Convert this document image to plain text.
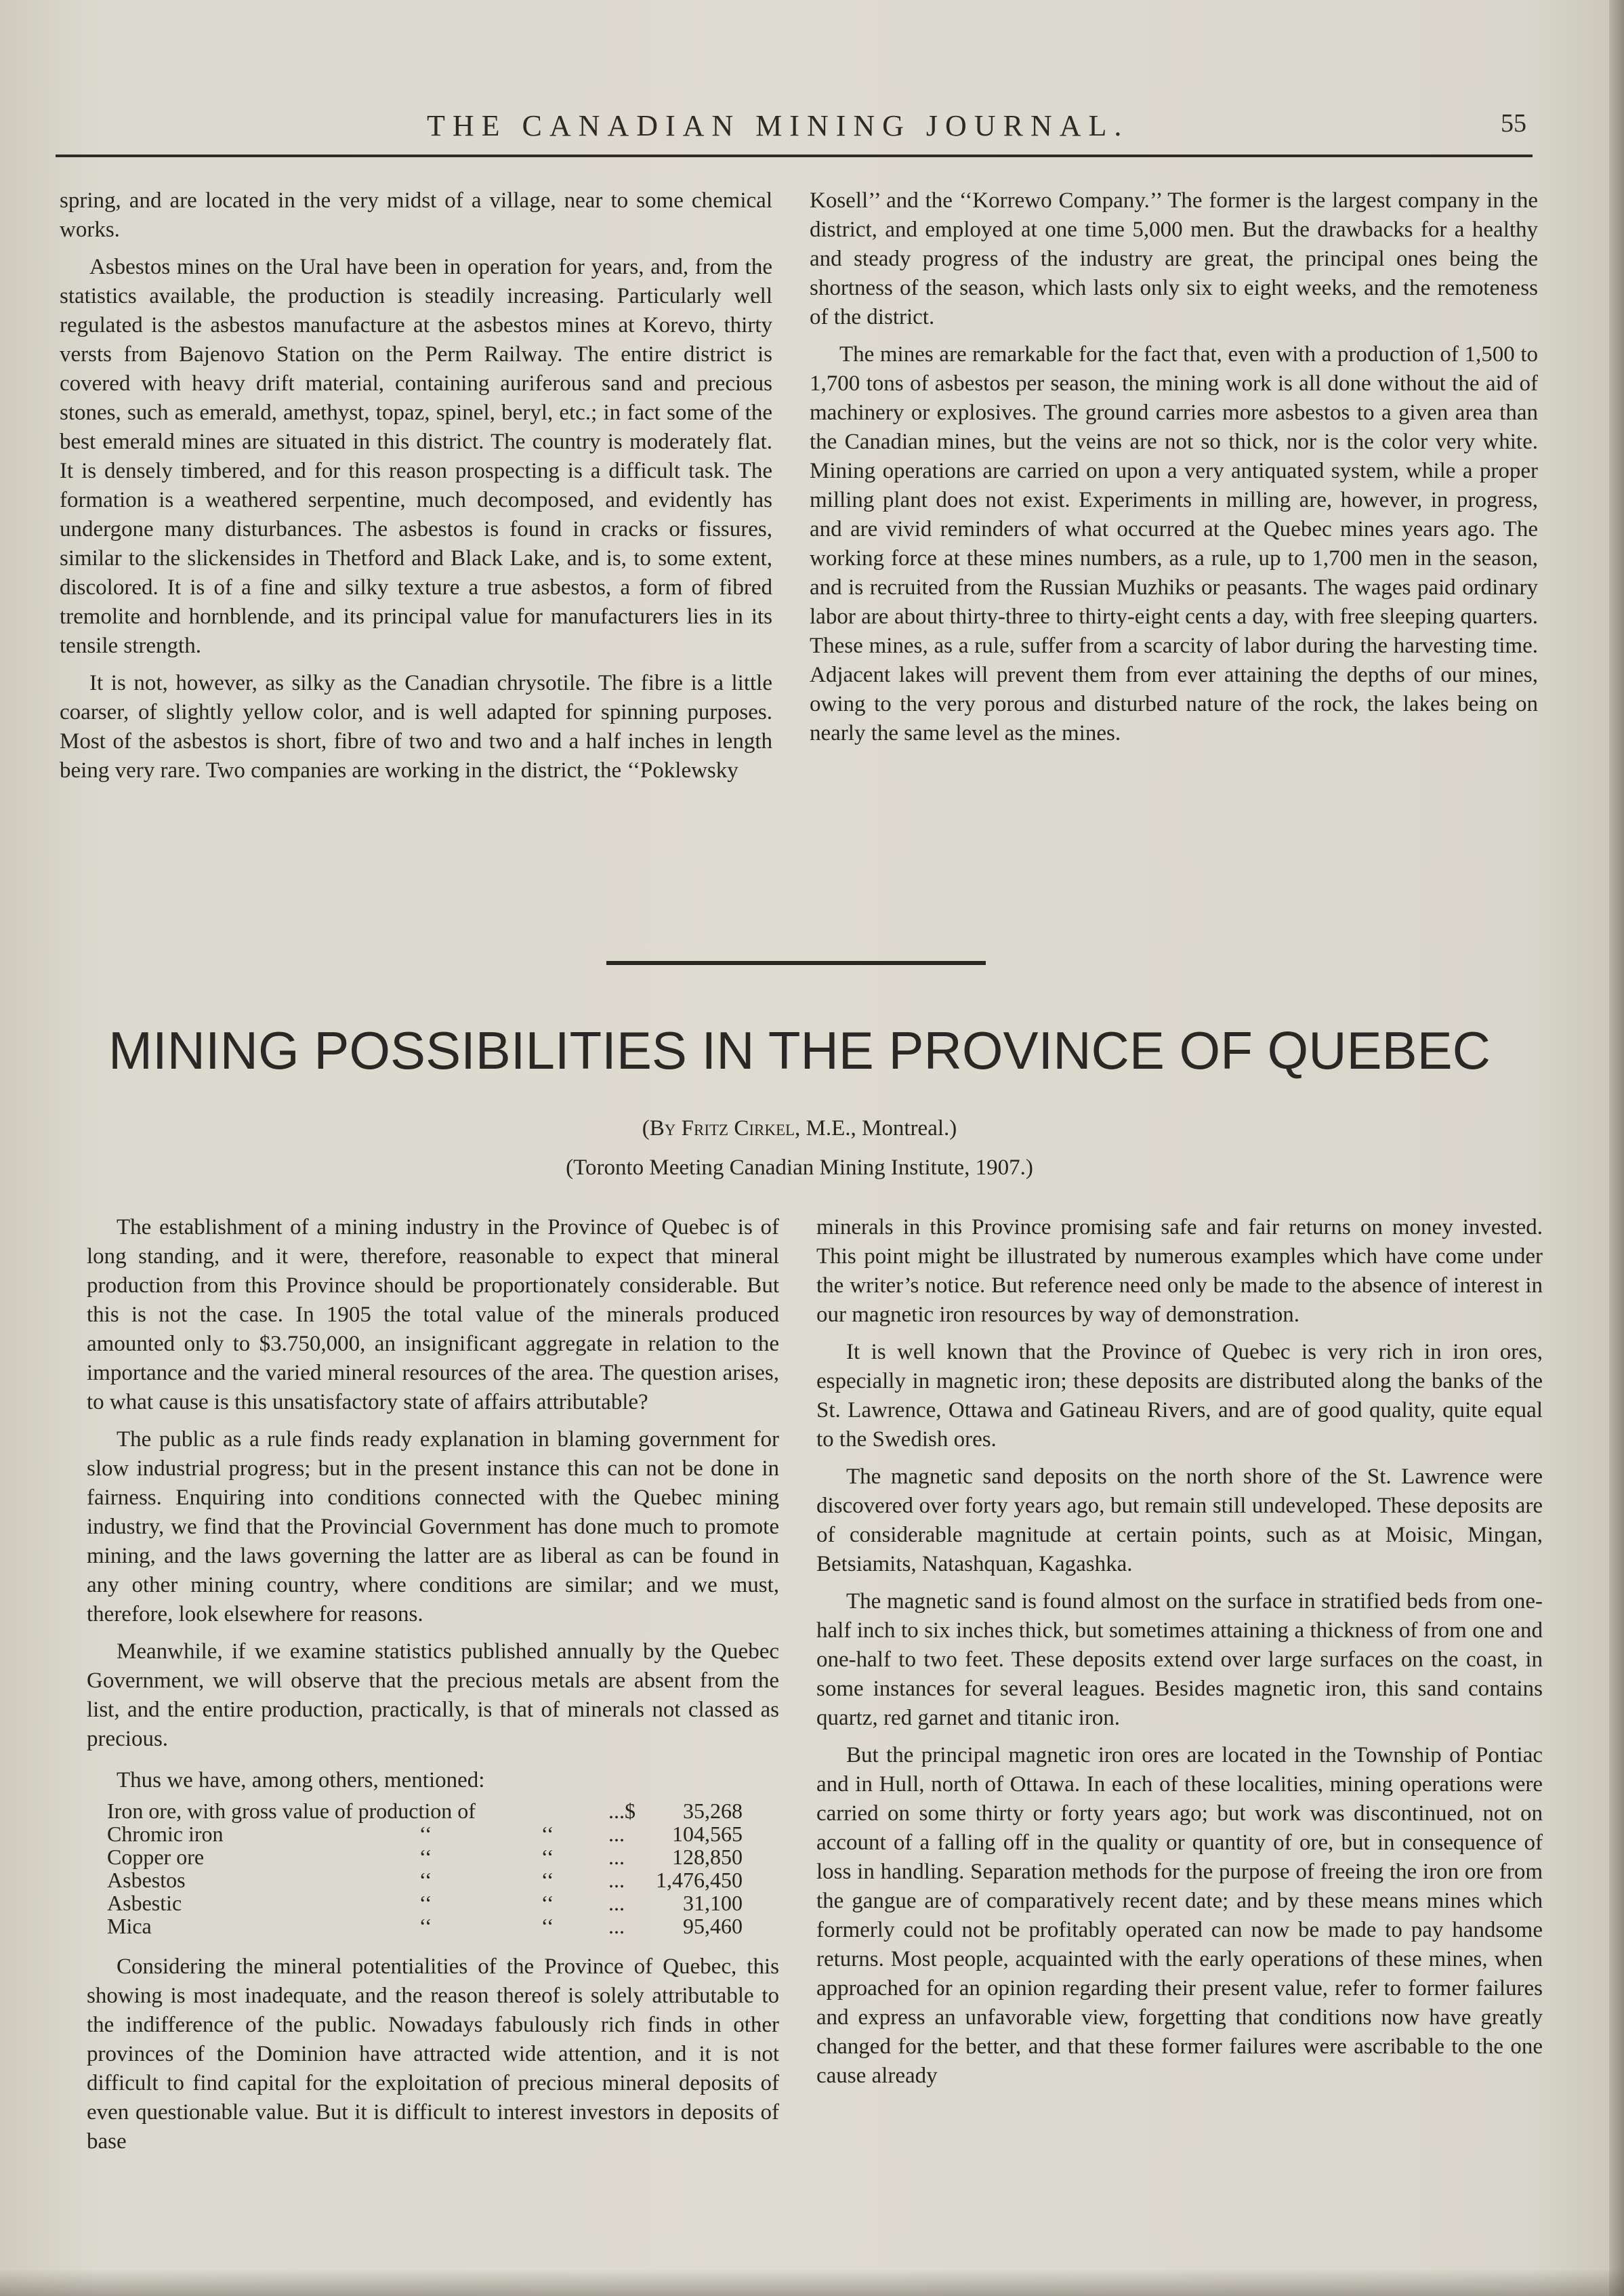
THE CANADIAN MINING JOURNAL.	55

spring, and are located in the very midst of a village, near to some chemical works.

Asbestos mines on the Ural have been in operation for years, and, from the statistics available, the production is steadily increasing. Particularly well regulated is the asbestos manufacture at the asbestos mines at Korevo, thirty versts from Bajenovo Station on the Perm Railway. The entire district is covered with heavy drift material, containing auriferous sand and precious stones, such as emerald, amethyst, topaz, spinel, beryl, etc.; in fact some of the best emerald mines are situated in this district. The country is moderately flat. It is densely timbered, and for this reason prospecting is a difficult task. The formation is a weathered serpentine, much decomposed, and evidently has undergone many disturbances. The asbestos is found in cracks or fissures, similar to the slickensides in Thetford and Black Lake, and is, to some extent, discolored. It is of a fine and silky texture a true asbestos, a form of fibred tremolite and hornblende, and its principal value for manufacturers lies in its tensile strength.

It is not, however, as silky as the Canadian chrysotile. The fibre is a little coarser, of slightly yellow color, and is well adapted for spinning purposes. Most of the asbestos is short, fibre of two and two and a half inches in length being very rare. Two companies are working in the district, the ‘‘Poklewsky

Kosell’’ and the ‘‘Korrewo Company.’’ The former is the largest company in the district, and employed at one time 5,000 men. But the drawbacks for a healthy and steady progress of the industry are great, the principal ones being the shortness of the season, which lasts only six to eight weeks, and the remoteness of the district.

The mines are remarkable for the fact that, even with a production of 1,500 to 1,700 tons of asbestos per season, the mining work is all done without the aid of machinery or explosives. The ground carries more asbestos to a given area than the Canadian mines, but the veins are not so thick, nor is the color very white. Mining operations are carried on upon a very antiquated system, while a proper milling plant does not exist. Experiments in milling are, however, in progress, and are vivid reminders of what occurred at the Quebec mines years ago. The working force at these mines numbers, as a rule, up to 1,700 men in the season, and is recruited from the Russian Muzhiks or peasants. The wages paid ordinary labor are about thirty-three to thirty-eight cents a day, with free sleeping quarters. These mines, as a rule, suffer from a scarcity of labor during the harvesting time. Adjacent lakes will prevent them from ever attaining the depths of our mines, owing to the very porous and disturbed nature of the rock, the lakes being on nearly the same level as the mines.

MINING POSSIBILITIES IN THE PROVINCE OF QUEBEC
(By Fritz Cirkel, M.E., Montreal.)
(Toronto Meeting Canadian Mining Institute, 1907.)

The establishment of a mining industry in the Province of Quebec is of long standing, and it were, therefore, reasonable to expect that mineral production from this Province should be proportionately considerable. But this is not the case. In 1905 the total value of the minerals produced amounted only to $3.750,000, an insignificant aggregate in relation to the importance and the varied mineral resources of the area. The question arises, to what cause is this unsatisfactory state of affairs attributable?

The public as a rule finds ready explanation in blaming government for slow industrial progress; but in the present instance this can not be done in fairness. Enquiring into conditions connected with the Quebec mining industry, we find that the Provincial Government has done much to promote mining, and the laws governing the latter are as liberal as can be found in any other mining country, where conditions are similar; and we must, therefore, look elsewhere for reasons.

Meanwhile, if we examine statistics published annually by the Quebec Government, we will observe that the precious metals are absent from the list, and the entire production, practically, is that of minerals not classed as precious.

Thus we have, among others, mentioned:

Iron ore, with gross value of production of			...$	35,268
Chromic iron	‘‘	‘‘	...	104,565
Copper ore	‘‘	‘‘	...	128,850
Asbestos	‘‘	‘‘	...	1,476,450
Asbestic	‘‘	‘‘	...	31,100
Mica	‘‘	‘‘	...	95,460

Considering the mineral potentialities of the Province of Quebec, this showing is most inadequate, and the reason thereof is solely attributable to the indifference of the public. Nowadays fabulously rich finds in other provinces of the Dominion have attracted wide attention, and it is not difficult to find capital for the exploitation of precious mineral deposits of even questionable value. But it is difficult to interest investors in deposits of base

minerals in this Province promising safe and fair returns on money invested. This point might be illustrated by numerous examples which have come under the writer’s notice. But reference need only be made to the absence of interest in our magnetic iron resources by way of demonstration.

It is well known that the Province of Quebec is very rich in iron ores, especially in magnetic iron; these deposits are distributed along the banks of the St. Lawrence, Ottawa and Gatineau Rivers, and are of good quality, quite equal to the Swedish ores.

The magnetic sand deposits on the north shore of the St. Lawrence were discovered over forty years ago, but remain still undeveloped. These deposits are of considerable magnitude at certain points, such as at Moisic, Mingan, Betsiamits, Natashquan, Kagashka.

The magnetic sand is found almost on the surface in stratified beds from one-half inch to six inches thick, but sometimes attaining a thickness of from one and one-half to two feet. These deposits extend over large surfaces on the coast, in some instances for several leagues. Besides magnetic iron, this sand contains quartz, red garnet and titanic iron.

But the principal magnetic iron ores are located in the Township of Pontiac and in Hull, north of Ottawa. In each of these localities, mining operations were carried on some thirty or forty years ago; but work was discontinued, not on account of a falling off in the quality or quantity of ore, but in consequence of loss in handling. Separation methods for the purpose of freeing the iron ore from the gangue are of comparatively recent date; and by these means mines which formerly could not be profitably operated can now be made to pay handsome returns. Most people, acquainted with the early operations of these mines, when approached for an opinion regarding their present value, refer to former failures and express an unfavorable view, forgetting that conditions now have greatly changed for the better, and that these former failures were ascribable to the one cause already
